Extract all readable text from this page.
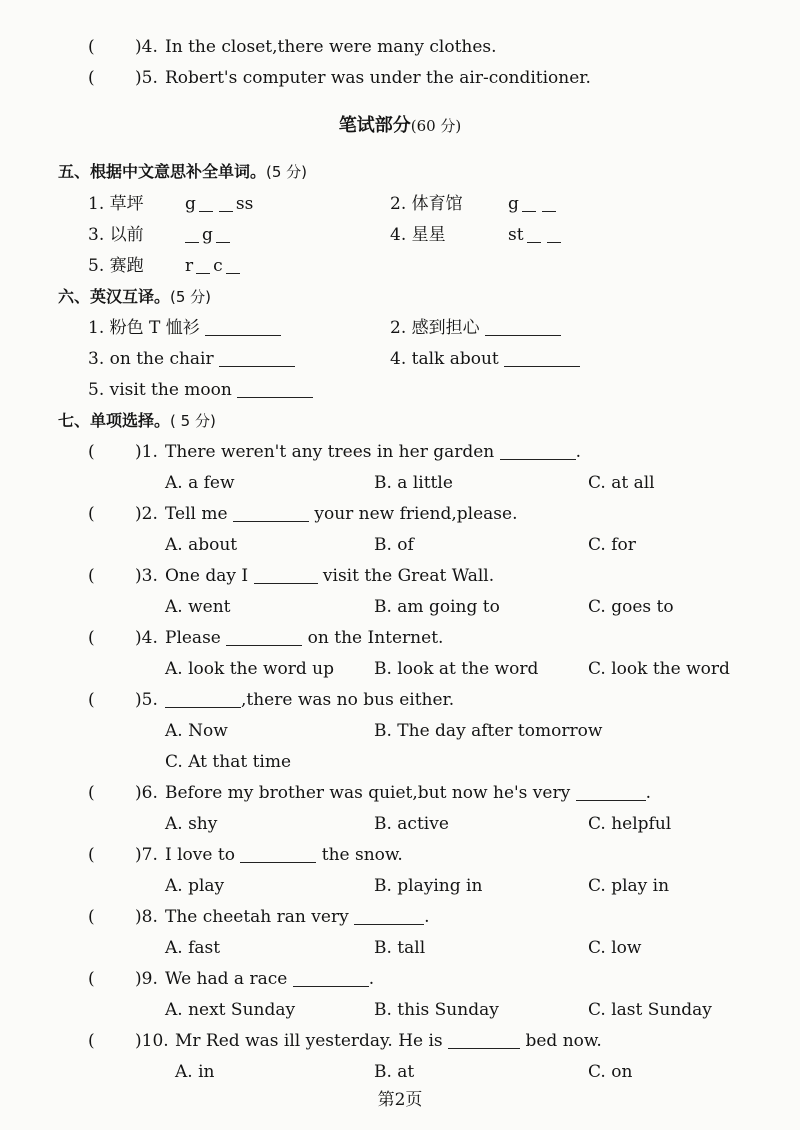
( )4. In the closet,there were many clothes.
( )5. Robert's computer was under the air-conditioner.
笔试部分(60 分)
五、根据中文意思补全单词。(5 分)
1. 草坪 g ss	2. 体育馆	g
3. 以前	g	4. 星星	st
5. 赛跑 r c
六、英汉互译。(5 分)
1. 粉色 T 恤衫	2. 感到担心
3. on the chair	4. talk about
5. visit the moon
七、单项选择。( 5 分)
( )1. There weren't any trees in her garden	.
A. a few	B. a little	C. at all
( )2. Tell me	your new friend,please.
A. about	B. of	C. for
( )3. One day I	visit the Great Wall.
A. went	B. am going to	C. goes to
( )4. Please	on the Internet.
A. look the word up B. look at the word	C. look the word
( )5.	,there was no bus either.
A. Now	B. The day after tomorrow
C. At that time
( )6. Before my brother was quiet,but now he's very	.
A. shy	B. active	C. helpful
( )7. I love to	the snow.
A. play	B. playing in	C. play in
( )8. The cheetah ran very	.
A. fast	B. tall	C. low
( )9. We had a race	.
A. next Sunday	B. this Sunday	C. last Sunday
( )10. Mr Red was ill yesterday. He is	bed now.
A. in	B. at	C. on
第2页
